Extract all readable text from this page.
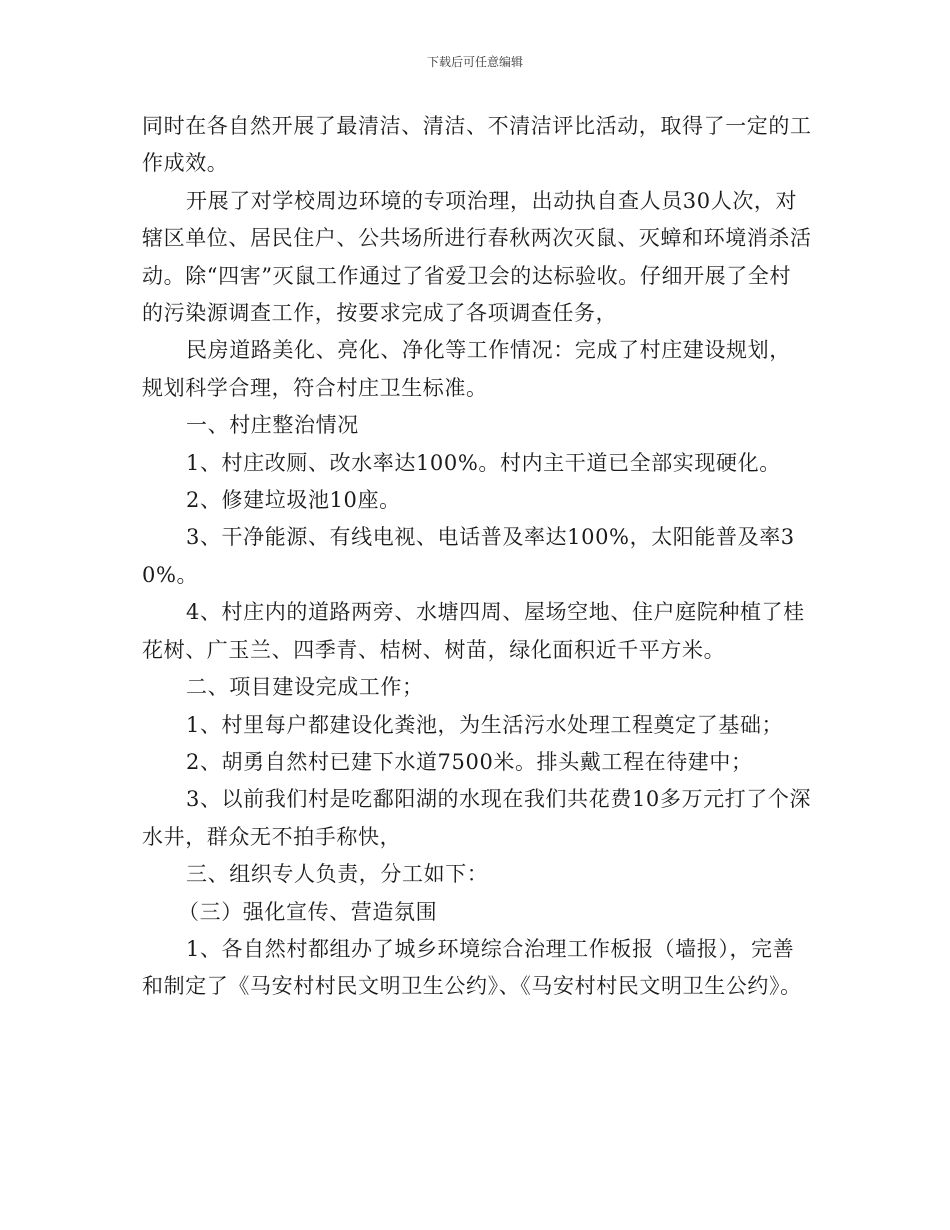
下载后可任意编辑

同时在各自然开展了最清洁、清洁、不清洁评比活动，取得了一定的工作成效。

开展了对学校周边环境的专项治理，出动执自查人员30人次，对辖区单位、居民住户、公共场所进行春秋两次灭鼠、灭蟑和环境消杀活动。除“四害”灭鼠工作通过了省爱卫会的达标验收。仔细开展了全村的污染源调查工作，按要求完成了各项调查任务，

民房道路美化、亮化、净化等工作情况：完成了村庄建设规划，规划科学合理，符合村庄卫生标准。

一、村庄整治情况

1、村庄改厕、改水率达100%。村内主干道已全部实现硬化。

2、修建垃圾池10座。

3、干净能源、有线电视、电话普及率达100%，太阳能普及率30%。

4、村庄内的道路两旁、水塘四周、屋场空地、住户庭院种植了桂花树、广玉兰、四季青、桔树、树苗，绿化面积近千平方米。

二、项目建设完成工作；

1、村里每户都建设化粪池，为生活污水处理工程奠定了基础；

2、胡勇自然村已建下水道7500米。排头戴工程在待建中；

3、以前我们村是吃鄱阳湖的水现在我们共花费10多万元打了个深水井，群众无不拍手称快，

三、组织专人负责，分工如下：

（三）强化宣传、营造氛围

1、各自然村都组办了城乡环境综合治理工作板报（墙报），完善和制定了《马安村村民文明卫生公约》、《马安村村民文明卫生公约》。
